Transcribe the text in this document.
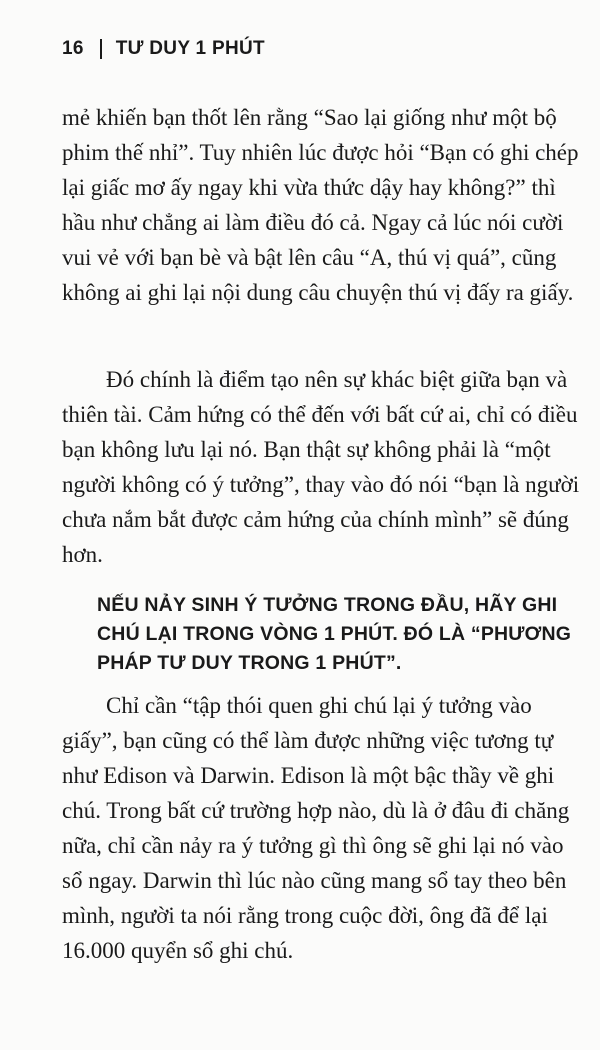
16 TƯ DUY 1 PHÚT

mẻ khiến bạn thốt lên rằng “Sao lại giống như một bộ phim thế nhỉ”. Tuy nhiên lúc được hỏi “Bạn có ghi chép lại giấc mơ ấy ngay khi vừa thức dậy hay không?” thì hầu như chẳng ai làm điều đó cả. Ngay cả lúc nói cười vui vẻ với bạn bè và bật lên câu “A, thú vị quá”, cũng không ai ghi lại nội dung câu chuyện thú vị đấy ra giấy.

Đó chính là điểm tạo nên sự khác biệt giữa bạn và thiên tài. Cảm hứng có thể đến với bất cứ ai, chỉ có điều bạn không lưu lại nó. Bạn thật sự không phải là “một người không có ý tưởng”, thay vào đó nói “bạn là người chưa nắm bắt được cảm hứng của chính mình” sẽ đúng hơn.

NẾU NẢY SINH Ý TƯỞNG TRONG ĐẦU, HÃY GHI CHÚ LẠI TRONG VÒNG 1 PHÚT. ĐÓ LÀ “PHƯƠNG PHÁP TƯ DUY TRONG 1 PHÚT”.

Chỉ cần “tập thói quen ghi chú lại ý tưởng vào giấy”, bạn cũng có thể làm được những việc tương tự như Edison và Darwin. Edison là một bậc thầy về ghi chú. Trong bất cứ trường hợp nào, dù là ở đâu đi chăng nữa, chỉ cần nảy ra ý tưởng gì thì ông sẽ ghi lại nó vào sổ ngay. Darwin thì lúc nào cũng mang sổ tay theo bên mình, người ta nói rằng trong cuộc đời, ông đã để lại 16.000 quyển sổ ghi chú.
